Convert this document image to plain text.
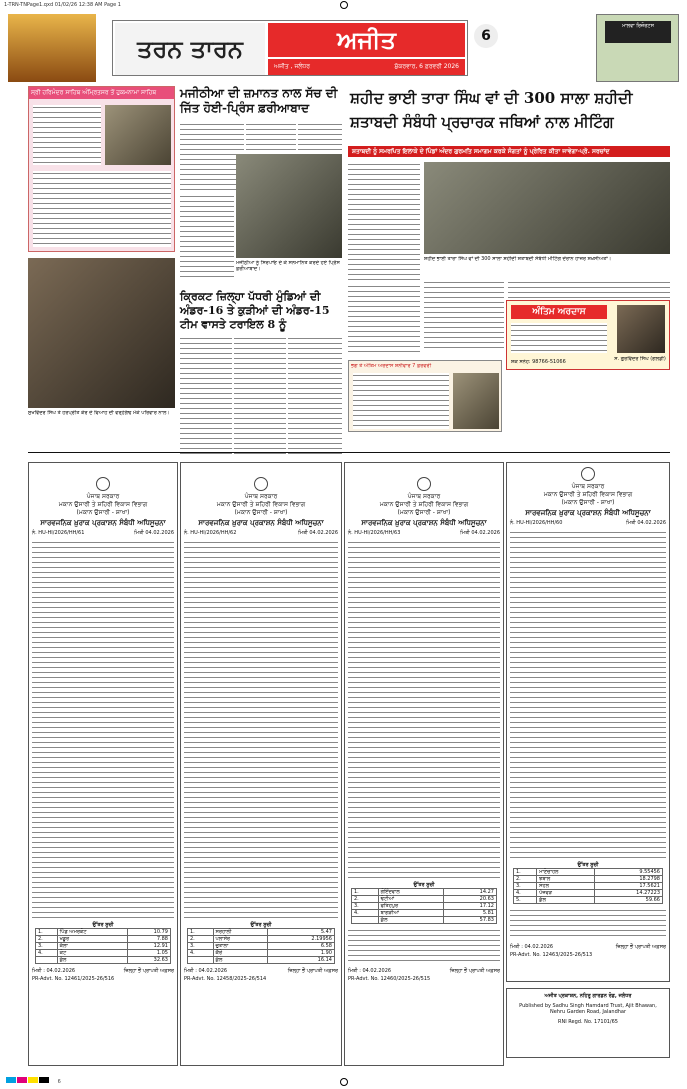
1-TRN-TNPage1.qxd 01/02/26 12:38 AM Page 1
ਤਰਨ ਤਾਰਨ	ਅਜੀਤ
ਅਜੀਤ , ਜਲੰਧਰ	ਸ਼ੁੱਕਰਵਾਰ, 6 ਫ਼ਰਵਰੀ 2026
6
ਮਾਲਵਾ ਰਿਜ਼ੋਰਟਸ
ਸ੍ਰੀ ਹਰਿਮੰਦਰ ਸਾਹਿਬ ਅੰਮ੍ਰਿਤਸਰ ਤੋਂ ਹੁਕਮਨਾਮਾ ਸਾਹਿਬ	ਮਜੀਠੀਆ ਦੀ ਜ਼ਮਾਨਤ ਨਾਲ ਸੱਚ ਦੀ ਜਿੱਤ ਹੋਈ-ਪ੍ਰਿੰਸ ਫ਼ਰੀਆਬਾਦ
ਮਜੀਠੀਆ ਨੂੰ ਸਿਰੋਪਾਓ ਦੇ ਕੇ ਸਨਮਾਨਿਤ ਕਰਦੇ ਹੋਏ ਪ੍ਰਿੰਸ ਫ਼ਰੀਆਬਾਦ।
ਕ੍ਰਿਕਟ ਜ਼ਿਲ੍ਹਾ ਪੱਧਰੀ ਮੁੰਡਿਆਂ ਦੀ ਅੰਡਰ-16 ਤੇ ਕੁੜੀਆਂ ਦੀ ਅੰਡਰ-15 ਟੀਮ ਵਾਸਤੇ ਟਰਾਇਲ 8 ਨੂੰ
ਸੁਖਵਿੰਦਰ ਸਿੰਘ ਤੇ ਹਰਪ੍ਰੀਤ ਕੌਰ ਦੇ ਵਿਆਹ ਦੀ ਵਰ੍ਹੇਗੰਢ ਮੌਕੇ ਪਰਿਵਾਰ ਨਾਲ।
ਸ਼ਹੀਦ ਭਾਈ ਤਾਰਾ ਸਿੰਘ ਵਾਂ ਦੀ 300 ਸਾਲਾ ਸ਼ਹੀਦੀ
ਸ਼ਤਾਬਦੀ ਸੰਬੰਧੀ ਪ੍ਰਚਾਰਕ ਜਥਿਆਂ ਨਾਲ ਮੀਟਿੰਗ
ਸ਼ਤਾਬਦੀ ਨੂੰ ਸਮਰਪਿਤ ਇਲਾਕੇ ਦੇ ਪਿੰਡਾਂ ਅੰਦਰ ਗੁਰਮਤਿ ਸਮਾਗਮ ਕਰਕੇ ਸੰਗਤਾਂ ਨੂੰ ਪ੍ਰੇਰਿਤ ਕੀਤਾ ਜਾਵੇਗਾ-ਪ੍ਰੋ. ਸਰਚਾਂਦ
ਸ਼ਹੀਦ ਭਾਈ ਤਾਰਾ ਸਿੰਘ ਵਾਂ ਦੀ 300 ਸਾਲਾ ਸ਼ਹੀਦੀ ਸ਼ਤਾਬਦੀ ਸੰਬੰਧੀ ਮੀਟਿੰਗ ਦੌਰਾਨ ਹਾਜ਼ਰ ਸ਼ਖ਼ਸੀਅਤਾਂ।
ਅੰਤਿਮ ਅਰਦਾਸ
ਸ. ਗੁਰਵਿੰਦਰ ਸਿੰਘ (ਗੋਲਡੀ)
ਸ਼ੋਕ ਸਨੇਹ: 98766-51066
ਭੋਗ ਤੇ ਅੰਤਿਮ ਅਰਦਾਸ ਸ਼ਨੀਵਾਰ 7 ਫ਼ਰਵਰੀ
ਪੰਜਾਬ ਸਰਕਾਰ
ਮਕਾਨ ਉਸਾਰੀ ਤੇ ਸ਼ਹਿਰੀ ਵਿਕਾਸ ਵਿਭਾਗ
(ਮਕਾਨ ਉਸਾਰੀ - ਸ਼ਾਖਾ)
ਸਾਰਵਜਨਿਕ ਖ਼ੁਰਾਕ ਪ੍ਰਕਾਸ਼ਨ ਸੰਬੰਧੀ ਅਧਿਸੂਚਨਾ
ਨੰ. HU-HI/2026/HH/61	ਮਿਤੀ 04.02.2026
ਉੱਤਰ ਸੂਚੀ
1.	ਪਿੰਡ ਅਮਰਕੋਟ	10.79
2.	ਖਡੂਰ	7.88
3.	ਕੱਲਾ	12.91
4.	ਕੋਟ	1.05
	ਕੁੱਲ	32.63
ਮਿਤੀ : 04.02.2026	ਜ਼ਿਲ੍ਹਾ ਭੌਂ ਪ੍ਰਾਪਤੀ ਅਫ਼ਸਰ
PR-Advt. No. 12461/2025-26/516
ਪੰਜਾਬ ਸਰਕਾਰ
ਮਕਾਨ ਉਸਾਰੀ ਤੇ ਸ਼ਹਿਰੀ ਵਿਕਾਸ ਵਿਭਾਗ
(ਮਕਾਨ ਉਸਾਰੀ - ਸ਼ਾਖਾ)
ਸਾਰਵਜਨਿਕ ਖ਼ੁਰਾਕ ਪ੍ਰਕਾਸ਼ਨ ਸੰਬੰਧੀ ਅਧਿਸੂਚਨਾ
ਨੰ. HU-HI/2026/HH/62	ਮਿਤੀ 04.02.2026
ਉੱਤਰ ਸੂਚੀ
1.	ਸਰਹਾਲੀ	5.47
2.	ਪਲਾਸੌਰ	2.19956
3.	ਚੁਤਾਲਾ	6.58
4.	ਕੈਰੋਂ	1.90
	ਕੁੱਲ	16.14
ਮਿਤੀ : 04.02.2026	ਜ਼ਿਲ੍ਹਾ ਭੌਂ ਪ੍ਰਾਪਤੀ ਅਫ਼ਸਰ
PR-Advt. No. 12458/2025-26/514
ਪੰਜਾਬ ਸਰਕਾਰ
ਮਕਾਨ ਉਸਾਰੀ ਤੇ ਸ਼ਹਿਰੀ ਵਿਕਾਸ ਵਿਭਾਗ
(ਮਕਾਨ ਉਸਾਰੀ - ਸ਼ਾਖਾ)
ਸਾਰਵਜਨਿਕ ਖ਼ੁਰਾਕ ਪ੍ਰਕਾਸ਼ਨ ਸੰਬੰਧੀ ਅਧਿਸੂਚਨਾ
ਨੰ. HU-HI/2026/HH/63	ਮਿਤੀ 04.02.2026
ਉੱਤਰ ਸੂਚੀ
1.	ਗੋਇੰਦਵਾਲ	14.27
2.	ਢੋਟੀਆਂ	20.63
3.	ਫਤਿਹਪੁਰ	17.12
4.	ਬਾਗੜੀਆਂ	5.81
	ਕੁੱਲ	57.83
ਮਿਤੀ : 04.02.2026	ਜ਼ਿਲ੍ਹਾ ਭੌਂ ਪ੍ਰਾਪਤੀ ਅਫ਼ਸਰ
PR-Advt. No. 12460/2025-26/515
ਪੰਜਾਬ ਸਰਕਾਰ
ਮਕਾਨ ਉਸਾਰੀ ਤੇ ਸ਼ਹਿਰੀ ਵਿਕਾਸ ਵਿਭਾਗ
(ਮਕਾਨ ਉਸਾਰੀ - ਸ਼ਾਖਾ)
ਸਾਰਵਜਨਿਕ ਖ਼ੁਰਾਕ ਪ੍ਰਕਾਸ਼ਨ ਸੰਬੰਧੀ ਅਧਿਸੂਚਨਾ
ਨੰ. HU-HI/2026/HH/60	ਮਿਤੀ 04.02.2026
ਉੱਤਰ ਸੂਚੀ
1.	ਮਾਣੋਚਾਹਲ	9.55456
2.	ਝਬਾਲ	18.2798
3.	ਸੋਹਲ	17.5621
4.	ਪੰਜਵੜ	14.27223
5.	ਕੁੱਲ	59.66
ਮਿਤੀ : 04.02.2026	ਜ਼ਿਲ੍ਹਾ ਭੌਂ ਪ੍ਰਾਪਤੀ ਅਫ਼ਸਰ
PR-Advt. No. 12463/2025-26/513
ਅਜੀਤ ਪ੍ਰਕਾਸ਼ਨ, ਨਹਿਰੂ ਗਾਰਡਨ ਰੋਡ, ਜਲੰਧਰ
Published by Sadhu Singh Hamdard Trust, Ajit Bhawan, Nehru Garden Road, Jalandhar
RNI Regd. No. 17101/65
6
